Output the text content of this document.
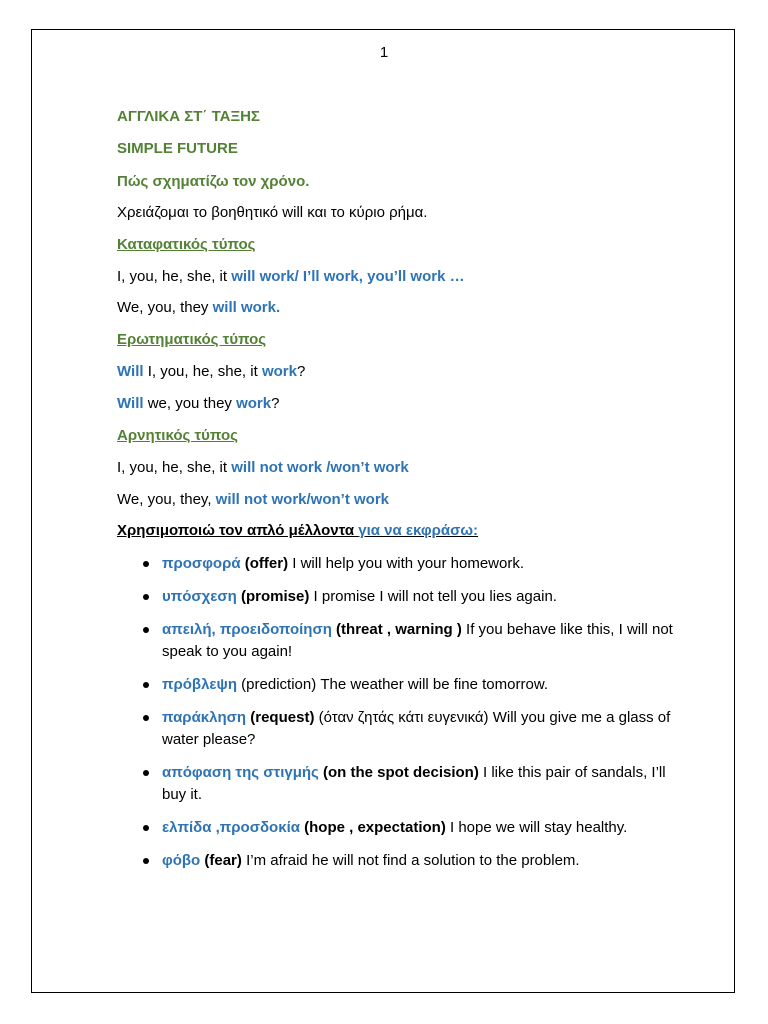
1
ΑΓΓΛΙΚΑ ΣΤ΄ ΤΑΞΗΣ
SIMPLE FUTURE
Πώς σχηματίζω τον χρόνο.
Χρειάζομαι το βοηθητικό will και το κύριο ρήμα.
Καταφατικός τύπος
I, you, he, she, it will work/ I’ll work, you’ll work …
We, you, they will work.
Ερωτηματικός τύπος
Will I, you, he, she, it work?
Will we, you they work?
Αρνητικός τύπος
I, you, he, she, it will not work /won’t work
We, you, they, will not work/won’t work
Χρησιμοποιώ τον απλό μέλλοντα για να εκφράσω:
προσφορά (offer) I will help you with your homework.
υπόσχεση (promise) I promise I will not tell you lies again.
απειλή, προειδοποίηση (threat , warning ) If you behave like this, I will not speak to you again!
πρόβλεψη (prediction) The weather will be fine tomorrow.
παράκληση (request) (όταν ζητάς κάτι ευγενικά) Will you give me a glass of water please?
απόφαση της στιγμής (on the spot decision) I like this pair of sandals, I’ll buy it.
ελπίδα ,προσδοκία (hope , expectation) I hope we will stay healthy.
φόβο (fear) I’m afraid he will not find a solution to the problem.
